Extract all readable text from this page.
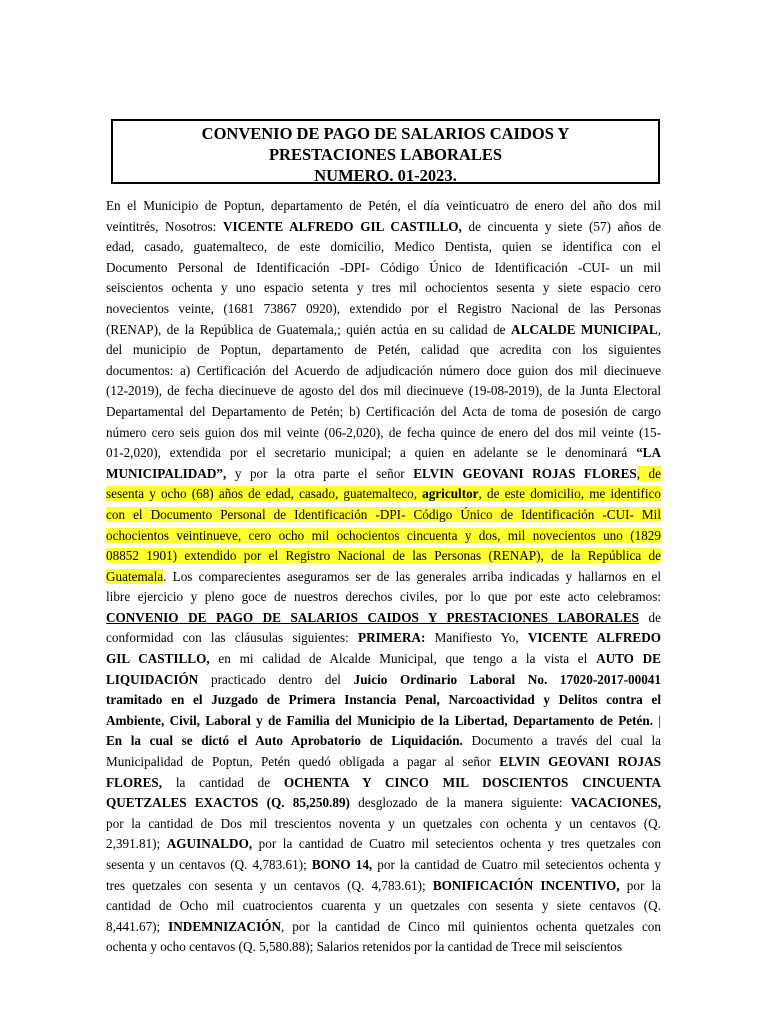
CONVENIO DE PAGO DE SALARIOS CAIDOS Y
PRESTACIONES LABORALES
NUMERO. 01-2023.
En el Municipio de Poptun, departamento de Petén, el día veinticuatro de enero del año dos mil
veintitrés, Nosotros: VICENTE ALFREDO GIL CASTILLO, de cincuenta y siete (57) años de
edad, casado, guatemalteco, de este domicilio, Medico Dentista, quien se identifica con el
Documento Personal de Identificación -DPI- Código Único de Identificación -CUI- un mil
seiscientos ochenta y uno espacio setenta y tres mil ochocientos sesenta y siete espacio cero
novecientos veinte, (1681 73867 0920), extendido por el Registro Nacional de las Personas
(RENAP), de la República de Guatemala,; quién actúa en su calidad de ALCALDE MUNICIPAL,
del municipio de Poptun, departamento de Petén, calidad que acredita con los siguientes
documentos: a) Certificación del Acuerdo de adjudicación número doce guion dos mil diecinueve
(12-2019), de fecha diecinueve de agosto del dos mil diecinueve (19-08-2019), de la Junta Electoral
Departamental del Departamento de Petén; b) Certificación del Acta de toma de posesión de cargo
número cero seis guion dos mil veinte (06-2,020), de fecha quince de enero del dos mil veinte (15-
01-2,020), extendida por el secretario municipal; a quien en adelante se le denominará “LA
MUNICIPALIDAD”, y por la otra parte el señor ELVIN GEOVANI ROJAS FLORES, de
sesenta y ocho (68) años de edad, casado, guatemalteco, agricultor, de este domicilio, me identifico
con el Documento Personal de Identificación -DPI- Código Único de Identificación -CUI- Mil
ochocientos veintinueve, cero ocho mil ochocientos cincuenta y dos, mil novecientos uno (1829
08852 1901) extendido por el Registro Nacional de las Personas (RENAP), de la República de
Guatemala. Los comparecientes aseguramos ser de las generales arriba indicadas y hallarnos en el
libre ejercicio y pleno goce de nuestros derechos civiles, por lo que por este acto celebramos:
CONVENIO DE PAGO DE SALARIOS CAIDOS Y PRESTACIONES LABORALES de
conformidad con las cláusulas siguientes: PRIMERA: Manifiesto Yo, VICENTE ALFREDO
GIL CASTILLO, en mi calidad de Alcalde Municipal, que tengo a la vista el AUTO DE
LIQUIDACIÓN practicado dentro del Juicio Ordinario Laboral No. 17020-2017-00041
tramitado en el Juzgado de Primera Instancia Penal, Narcoactividad y Delitos contra el
Ambiente, Civil, Laboral y de Familia del Municipio de la Libertad, Departamento de Petén. |
En la cual se dictó el Auto Aprobatorio de Liquidación. Documento a través del cual la
Municipalidad de Poptun, Petén quedó obligada a pagar al señor ELVIN GEOVANI ROJAS
FLORES, la cantidad de OCHENTA Y CINCO MIL DOSCIENTOS CINCUENTA
QUETZALES EXACTOS (Q. 85,250.89) desglozado de la manera siguiente: VACACIONES,
por la cantidad de Dos mil trescientos noventa y un quetzales con ochenta y un centavos (Q.
2,391.81); AGUINALDO, por la cantidad de Cuatro mil setecientos ochenta y tres quetzales con
sesenta y un centavos (Q. 4,783.61); BONO 14, por la cantidad de Cuatro mil setecientos ochenta y
tres quetzales con sesenta y un centavos (Q. 4,783.61); BONIFICACIÓN INCENTIVO, por la
cantidad de Ocho mil cuatrocientos cuarenta y un quetzales con sesenta y siete centavos (Q.
8,441.67); INDEMNIZACIÓN, por la cantidad de Cinco mil quinientos ochenta quetzales con
ochenta y ocho centavos (Q. 5,580.88); Salarios retenidos por la cantidad de Trece mil seiscientos
